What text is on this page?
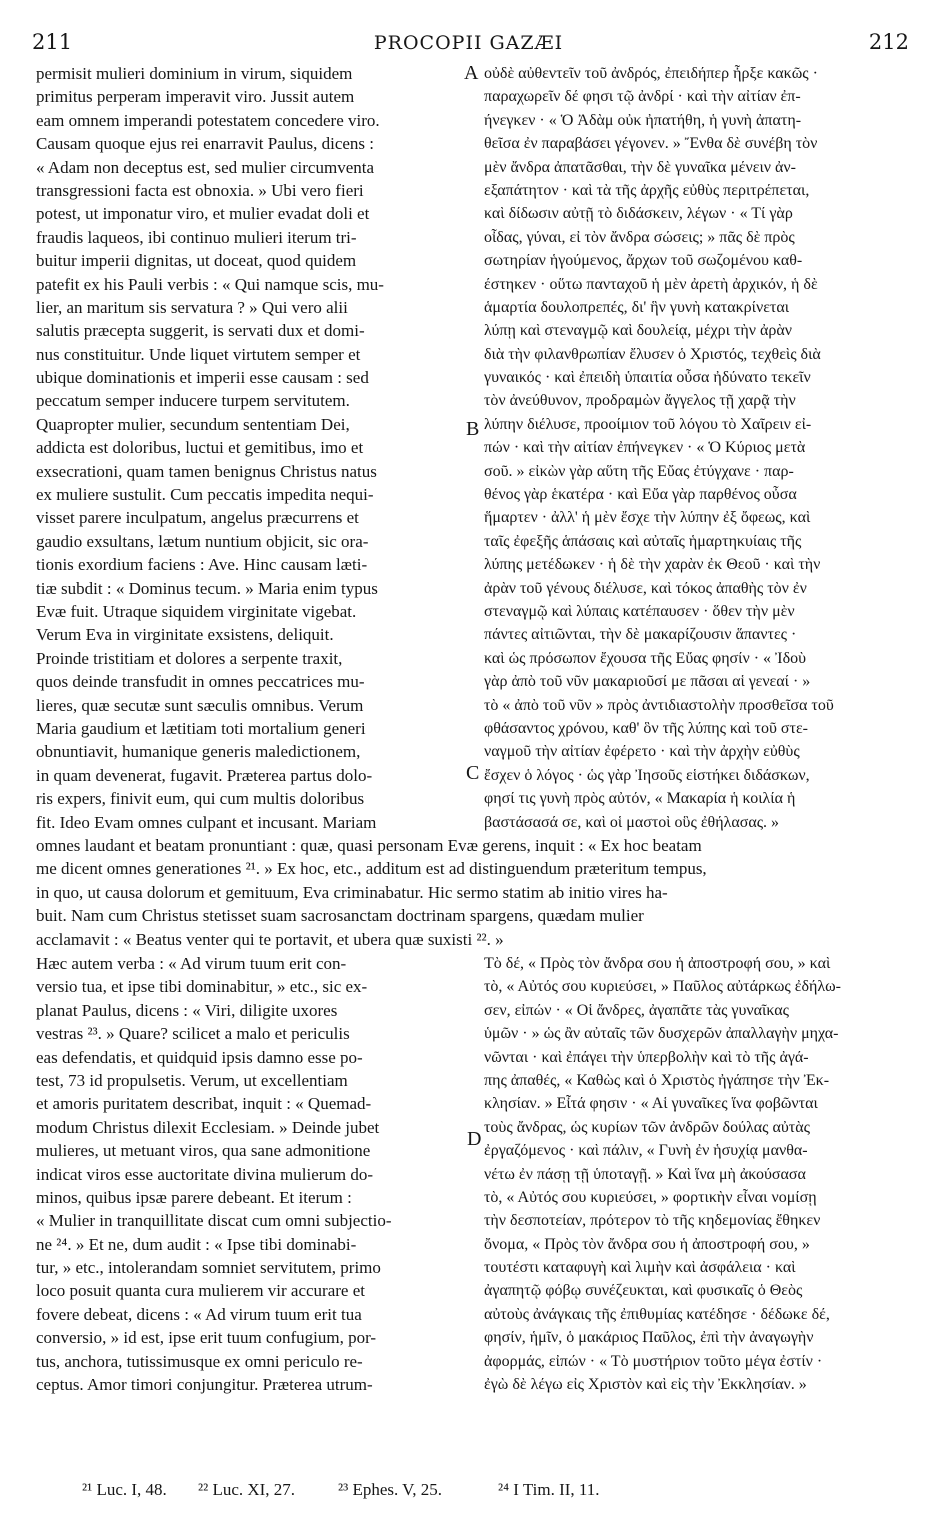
211	PROCOPII GAZÆI	212
A
B
C
D
permisit mulieri dominium in virum, siquidem
primitus perperam imperavit viro. Jussit autem
eam omnem imperandi potestatem concedere viro.
Causam quoque ejus rei enarravit Paulus, dicens :
« Adam non deceptus est, sed mulier circumventa
transgressioni facta est obnoxia. » Ubi vero fieri
potest, ut imponatur viro, et mulier evadat doli et
fraudis laqueos, ibi continuo mulieri iterum tri-
buitur imperii dignitas, ut doceat, quod quidem
patefit ex his Pauli verbis : « Qui namque scis, mu-
lier, an maritum sis servatura ? » Qui vero alii
salutis præcepta suggerit, is servati dux et domi-
nus constituitur. Unde liquet virtutem semper et
ubique dominationis et imperii esse causam : sed
peccatum semper inducere turpem servitutem.
Quapropter mulier, secundum sententiam Dei,
addicta est doloribus, luctui et gemitibus, imo et
exsecrationi, quam tamen benignus Christus natus
ex muliere sustulit. Cum peccatis impedita nequi-
visset parere inculpatum, angelus præcurrens et
gaudio exsultans, lætum nuntium objicit, sic ora-
tionis exordium faciens : Ave. Hinc causam læti-
tiæ subdit : « Dominus tecum. » Maria enim typus
Evæ fuit. Utraque siquidem virginitate vigebat.
Verum Eva in virginitate exsistens, deliquit.
Proinde tristitiam et dolores a serpente traxit,
quos deinde transfudit in omnes peccatrices mu-
lieres, quæ secutæ sunt sæculis omnibus. Verum
Maria gaudium et lætitiam toti mortalium generi
obnuntiavit, humanique generis maledictionem,
in quam devenerat, fugavit. Præterea partus dolo-
ris expers, finivit eum, qui cum multis doloribus
fit. Ideo Evam omnes culpant et incusant. Mariam
οὐδὲ αὐθεντεῖν τοῦ ἀνδρός, ἐπειδήπερ ἦρξε κακῶς ·
παραχωρεῖν δέ φησι τῷ ἀνδρί · καὶ τὴν αἰτίαν ἐπ-
ήνεγκεν · « Ὁ Ἀδὰμ οὐκ ἠπατήθη, ἡ γυνὴ ἀπατη-
θεῖσα ἐν παραβάσει γέγονεν. » Ἔνθα δὲ συνέβη τὸν
μὲν ἄνδρα ἀπατᾶσθαι, τὴν δὲ γυναῖκα μένειν ἀν-
εξαπάτητον · καὶ τὰ τῆς ἀρχῆς εὐθὺς περιτρέπεται,
καὶ δίδωσιν αὐτῇ τὸ διδάσκειν, λέγων · « Τί γὰρ
οἶδας, γύναι, εἰ τὸν ἄνδρα σώσεις; » πᾶς δὲ πρὸς
σωτηρίαν ἡγούμενος, ἄρχων τοῦ σωζομένου καθ-
έστηκεν · οὕτω πανταχοῦ ἡ μὲν ἀρετὴ ἀρχικόν, ἡ δὲ
ἁμαρτία δουλοπρεπές, δι' ἣν γυνὴ κατακρίνεται
λύπῃ καὶ στεναγμῷ καὶ δουλείᾳ, μέχρι τὴν ἀρὰν
διὰ τὴν φιλανθρωπίαν ἔλυσεν ὁ Χριστός, τεχθεὶς διὰ
γυναικός · καὶ ἐπειδὴ ὑπαιτία οὖσα ἠδύνατο τεκεῖν
τὸν ἀνεύθυνον, προδραμὼν ἄγγελος τῇ χαρᾷ τὴν
λύπην διέλυσε, προοίμιον τοῦ λόγου τὸ Χαῖρειν εἰ-
πών · καὶ τὴν αἰτίαν ἐπήνεγκεν · « Ὁ Κύριος μετὰ
σοῦ. » εἰκὼν γὰρ αὕτη τῆς Εὔας ἐτύγχανε · παρ-
θένος γὰρ ἑκατέρα · καὶ Εὔα γὰρ παρθένος οὖσα
ἥμαρτεν · ἀλλ' ἡ μὲν ἔσχε τὴν λύπην ἐξ ὄφεως, καὶ
ταῖς ἐφεξῆς ἁπάσαις καὶ αὐταῖς ἡμαρτηκυίαις τῆς
λύπης μετέδωκεν · ἡ δὲ τὴν χαρὰν ἐκ Θεοῦ · καὶ τὴν
ἀρὰν τοῦ γένους διέλυσε, καὶ τόκος ἀπαθὴς τὸν ἐν
στεναγμῷ καὶ λύπαις κατέπαυσεν · ὅθεν τὴν μὲν
πάντες αἰτιῶνται, τὴν δὲ μακαρίζουσιν ἅπαντες ·
καὶ ὡς πρόσωπον ἔχουσα τῆς Εὔας φησίν · « Ἰδοὺ
γὰρ ἀπὸ τοῦ νῦν μακαριοῦσί με πᾶσαι αἱ γενεαί · »
τὸ « ἀπὸ τοῦ νῦν » πρὸς ἀντιδιαστολὴν προσθεῖσα τοῦ
φθάσαντος χρόνου, καθ' ὃν τῆς λύπης καὶ τοῦ στε-
ναγμοῦ τὴν αἰτίαν ἐφέρετο · καὶ τὴν ἀρχὴν εὐθὺς
ἔσχεν ὁ λόγος · ὡς γὰρ Ἰησοῦς εἱστήκει διδάσκων,
φησί τις γυνὴ πρὸς αὐτόν, « Μακαρία ἡ κοιλία ἡ
βαστάσασά σε, καὶ οἱ μαστοὶ οὓς ἐθήλασας. »
omnes laudant et beatam pronuntiant : quæ, quasi personam Evæ gerens, inquit : « Ex hoc beatam
me dicent omnes generationes ²¹. » Ex hoc, etc., additum est ad distinguendum præteritum tempus,
in quo, ut causa dolorum et gemituum, Eva criminabatur. Hic sermo statim ab initio vires ha-
buit. Nam cum Christus stetisset suam sacrosanctam doctrinam spargens, quædam mulier
acclamavit : « Beatus venter qui te portavit, et ubera quæ suxisti ²². »
Hæc autem verba : « Ad virum tuum erit con-
versio tua, et ipse tibi dominabitur, » etc., sic ex-
planat Paulus, dicens : « Viri, diligite uxores
vestras ²³. » Quare? scilicet a malo et periculis
eas defendatis, et quidquid ipsis damno esse po-
test, 73 id propulsetis. Verum, ut excellentiam
et amoris puritatem describat, inquit : « Quemad-
modum Christus dilexit Ecclesiam. » Deinde jubet
mulieres, ut metuant viros, qua sane admonitione
indicat viros esse auctoritate divina mulierum do-
minos, quibus ipsæ parere debeant. Et iterum :
« Mulier in tranquillitate discat cum omni subjectio-
ne ²⁴. » Et ne, dum audit : « Ipse tibi dominabi-
tur, » etc., intolerandam somniet servitutem, primo
loco posuit quanta cura mulierem vir accurare et
fovere debeat, dicens : « Ad virum tuum erit tua
conversio, » id est, ipse erit tuum confugium, por-
tus, anchora, tutissimusque ex omni periculo re-
ceptus. Amor timori conjungitur. Præterea utrum-
Τὸ δέ, « Πρὸς τὸν ἄνδρα σου ἡ ἀποστροφή σου, » καὶ
τὸ, « Αὐτός σου κυριεύσει, » Παῦλος αὐτάρκως ἐδήλω-
σεν, εἰπών · « Οἱ ἄνδρες, ἀγαπᾶτε τὰς γυναῖκας
ὑμῶν · » ὡς ἂν αὐταῖς τῶν δυσχερῶν ἀπαλλαγὴν μηχα-
νῶνται · καὶ ἐπάγει τὴν ὑπερβολὴν καὶ τὸ τῆς ἀγά-
πης ἀπαθές, « Καθὼς καὶ ὁ Χριστὸς ἠγάπησε τὴν Ἐκ-
κλησίαν. » Εἶτά φησιν · « Αἱ γυναῖκες ἵνα φοβῶνται
τοὺς ἄνδρας, ὡς κυρίων τῶν ἀνδρῶν δούλας αὐτὰς
ἐργαζόμενος · καὶ πάλιν, « Γυνὴ ἐν ἡσυχίᾳ μανθα-
νέτω ἐν πάσῃ τῇ ὑποταγῇ. » Καὶ ἵνα μὴ ἀκούσασα
τὸ, « Αὐτός σου κυριεύσει, » φορτικὴν εἶναι νομίσῃ
τὴν δεσποτείαν, πρότερον τὸ τῆς κηδεμονίας ἔθηκεν
ὄνομα, « Πρὸς τὸν ἄνδρα σου ἡ ἀποστροφή σου, »
τουτέστι καταφυγὴ καὶ λιμὴν καὶ ἀσφάλεια · καὶ
ἀγαπητῷ φόβῳ συνέζευκται, καὶ φυσικαῖς ὁ Θεὸς
αὐτοὺς ἀνάγκαις τῆς ἐπιθυμίας κατέδησε · δέδωκε δέ,
φησίν, ἡμῖν, ὁ μακάριος Παῦλος, ἐπὶ τὴν ἀναγωγὴν
ἀφορμάς, εἰπών · « Τὸ μυστήριον τοῦτο μέγα ἐστίν ·
ἐγὼ δὲ λέγω εἰς Χριστὸν καὶ εἰς τὴν Ἐκκλησίαν. »
²¹ Luc. I, 48. ²² Luc. XI, 27.	²³ Ephes. V, 25.	²⁴ I Tim. II, 11.
